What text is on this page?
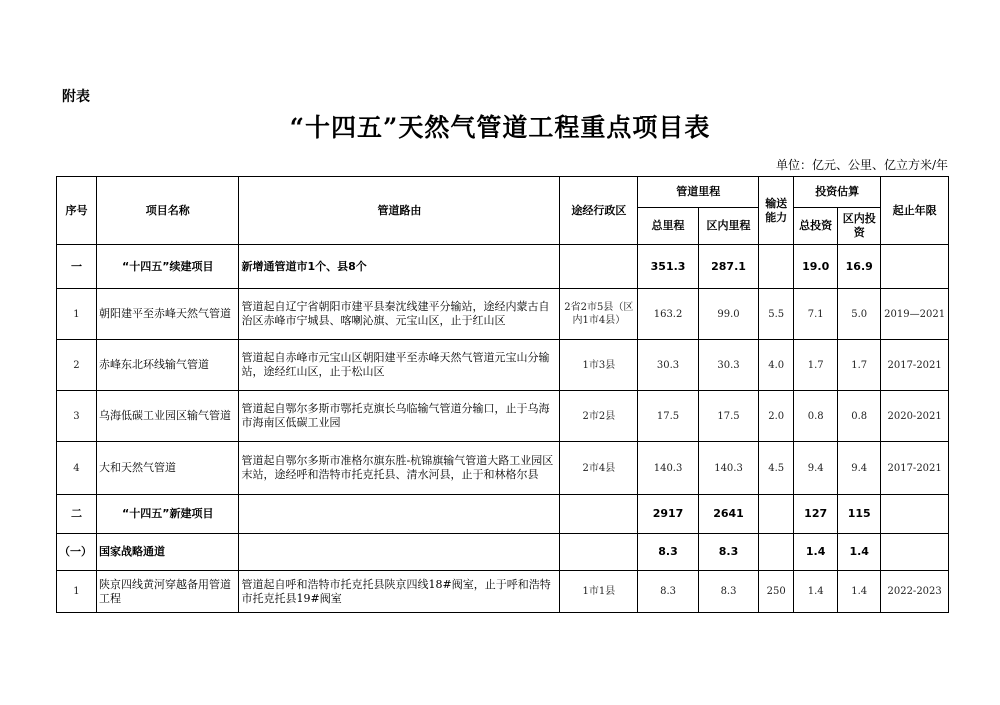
附表
“十四五”天然气管道工程重点项目表
单位：亿元、公里、亿立方米/年
序号	项目名称	管道路由	途经行政区	管道里程		输送能力	投资估算		起止年限
				总里程	区内里程		总投资	区内投资	
一	“十四五”续建项目	新增通管道市1个、县8个		351.3	287.1		19.0	16.9	
1	朝阳建平至赤峰天然气管道	管道起自辽宁省朝阳市建平县秦沈线建平分输站，途经内蒙古自治区赤峰市宁城县、喀喇沁旗、元宝山区，止于红山区	2省2市5县（区内1市4县）	163.2	99.0	5.5	7.1	5.0	2019—2021
2	赤峰东北环线输气管道	管道起自赤峰市元宝山区朝阳建平至赤峰天然气管道元宝山分输站，途经红山区，止于松山区	1市3县	30.3	30.3	4.0	1.7	1.7	2017-2021
3	乌海低碳工业园区输气管道	管道起自鄂尔多斯市鄂托克旗长乌临输气管道分输口，止于乌海市海南区低碳工业园	2市2县	17.5	17.5	2.0	0.8	0.8	2020-2021
4	大和天然气管道	管道起自鄂尔多斯市准格尔旗东胜-杭锦旗输气管道大路工业园区末站，途经呼和浩特市托克托县、清水河县，止于和林格尔县	2市4县	140.3	140.3	4.5	9.4	9.4	2017-2021
二	“十四五”新建项目			2917	2641		127	115	
（一）	国家战略通道			8.3	8.3		1.4	1.4	
1	陕京四线黄河穿越备用管道工程	管道起自呼和浩特市托克托县陕京四线18#阀室，止于呼和浩特市托克托县19#阀室	1市1县	8.3	8.3	250	1.4	1.4	2022-2023
